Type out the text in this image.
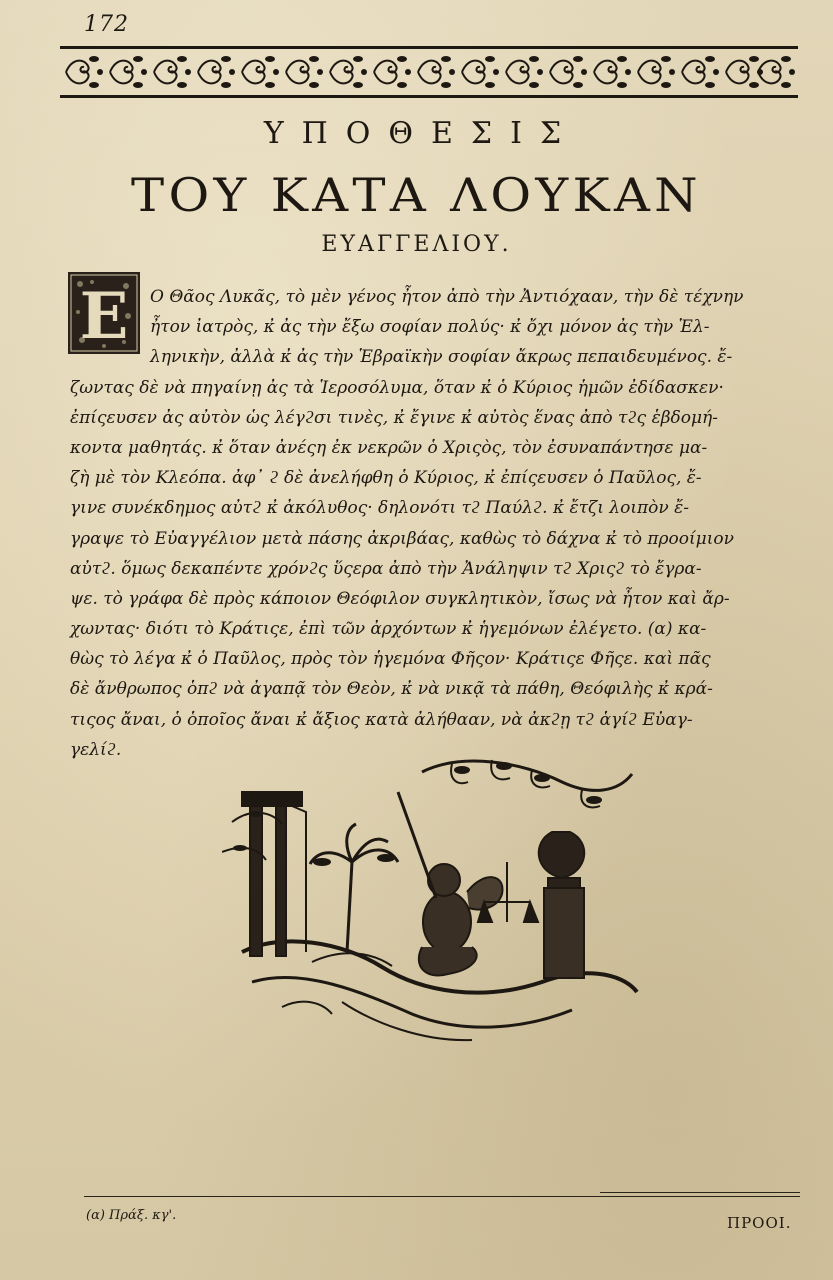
172
ΥΠΟΘΕΣΙΣ
ΤΟΥ ΚΑΤΑ ΛΟΥΚΑΝ
ΕΥΑΓΓΕΛΙΟΥ.
Ε	Ο Θᾶος Λυκᾶς, τὸ μὲν γένος ἦτον ἀπὸ τὴν Ἀντιόχααν, τὴν δὲ τέχνην
ἦτον ἰατρὸς, κ̓ ἀς τὴν ἔξω σοφίαν πολύς· κ̓ ὄχι μόνον ἀς τὴν Ἑλ-
ληνικὴν, ἀλλὰ κ̓ ἀς τὴν Ἑβραϊκὴν σοφίαν ἄκρως πεπαιδευμένος. ἔ-
ζωντας δὲ νὰ πηγαίνῃ ἀς τὰ Ἱεροσόλυμα, ὅταν κ̓ ὁ Κύριος ἡμῶν ἐδίδασκεν·
ἐπίςευσεν ἀς αὐτὸν ὡς λέγϩσι τινὲς, κ̓ ἔγινε κ̓ αὐτὸς ἕνας ἀπὸ τϩς ἑβδομή-
κοντα μαθητάς. κ̓ ὅταν ἀνέςη ἐκ νεκρῶν ὁ Χριςὸς, τὸν ἐσυναπάντησε μα-
ζὴ μὲ τὸν Κλεόπα. ἀφ᾽ ϩ δὲ ἀνελήφθη ὁ Κύριος, κ̓ ἐπίςευσεν ὁ Παῦλος, ἔ-
γινε συνέκδημος αὐτϩ κ̓ ἀκόλυθος· δηλονότι τϩ Παύλϩ. κ̓ ἔτζι λοιπὸν ἔ-
γραψε τὸ Εὐαγγέλιον μετὰ πάσης ἀκριβάας, καθὼς τὸ δάχνα κ̓ τὸ προοίμιον
αὐτϩ. ὅμως δεκαπέντε χρόνϩς ὕςερα ἀπὸ τὴν Ἀνάληψιν τϩ Χριςϩ τὸ ἔγρα-
ψε. τὸ γράφα δὲ πρὸς κάποιον Θεόφιλον συγκλητικὸν, ἴσως νὰ ἦτον καὶ ἄρ-
χωντας· διότι τὸ Κράτιςε, ἐπὶ τῶν ἀρχόντων κ̓ ἡγεμόνων ἐλέγετο. (α) κα-
θὼς τὸ λέγα κ̓ ὁ Παῦλος, πρὸς τὸν ἡγεμόνα Φῆςον· Κράτιςε Φῆςε. καὶ πᾶς
δὲ ἄνθρωπος ὁπϩ νὰ ἀγαπᾷ τὸν Θεὸν, κ̓ νὰ νικᾷ τὰ πάθη, Θεόφιλὴς κ̓ κρά-
τιςος ἄναι, ὁ ὁποῖος ἄναι κ̓ ἄξιος κατὰ ἀλήθααν, νὰ ἀκϩῃ τϩ ἁγίϩ Εὐαγ-
γελίϩ.
(α) Πράξ. κγ'.	ΠΡΟΟΙ.
